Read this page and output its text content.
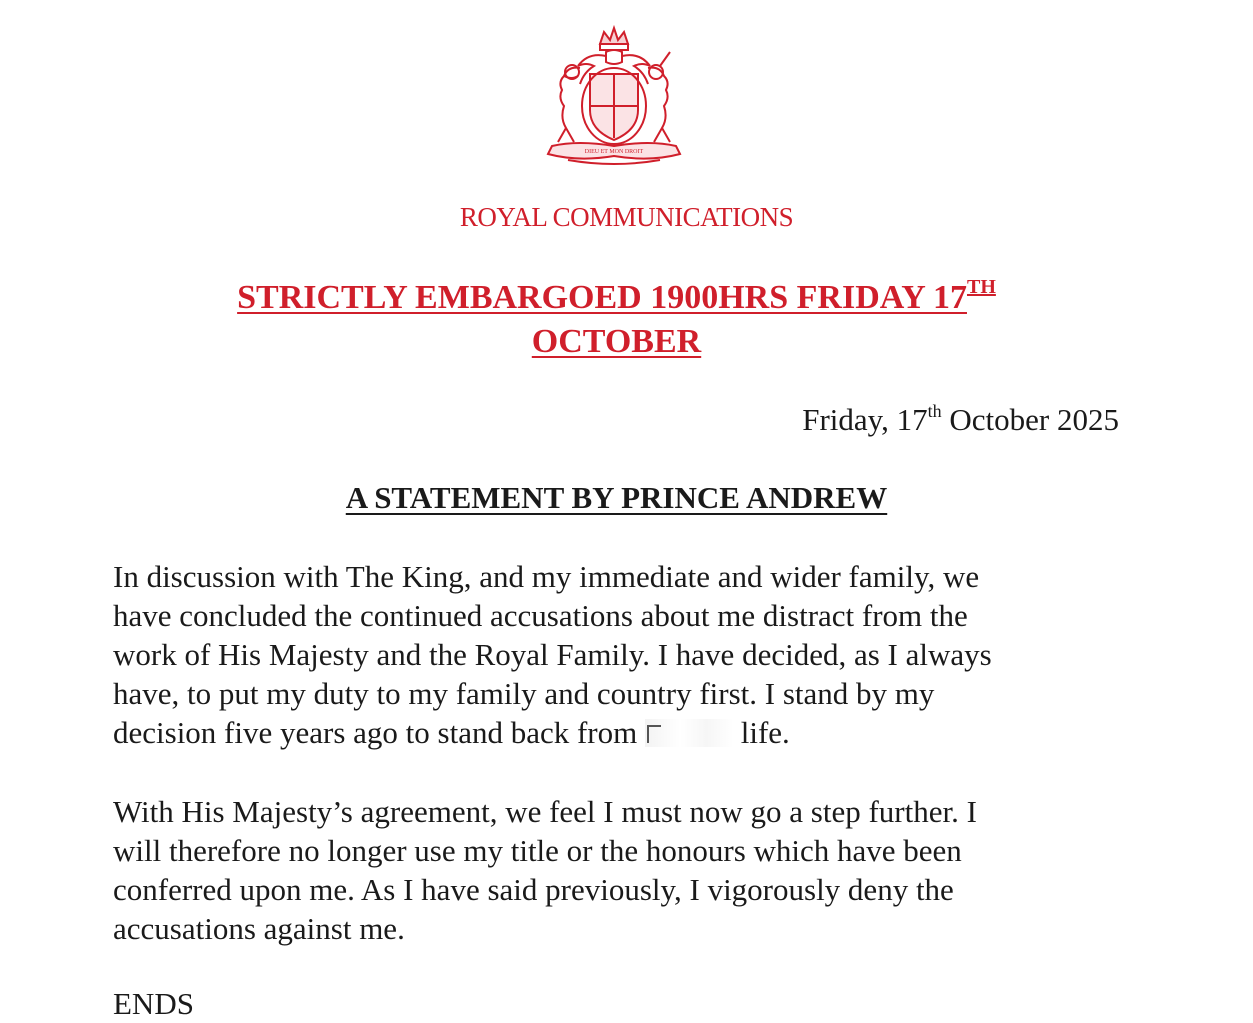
DIEU ET MON DROIT
ROYAL COMMUNICATIONS
STRICTLY EMBARGOED 1900HRS FRIDAY 17TH
OCTOBER
Friday, 17th October 2025
A STATEMENT BY PRINCE ANDREW
In discussion with The King, and my immediate and wider family, we
have concluded the continued accusations about me distract from the
work of His Majesty and the Royal Family. I have decided, as I always
have, to put my duty to my family and country first. I stand by my
decision five years ago to stand back from	life.
With His Majesty’s agreement, we feel I must now go a step further. I
will therefore no longer use my title or the honours which have been
conferred upon me. As I have said previously, I vigorously deny the
accusations against me.
ENDS
